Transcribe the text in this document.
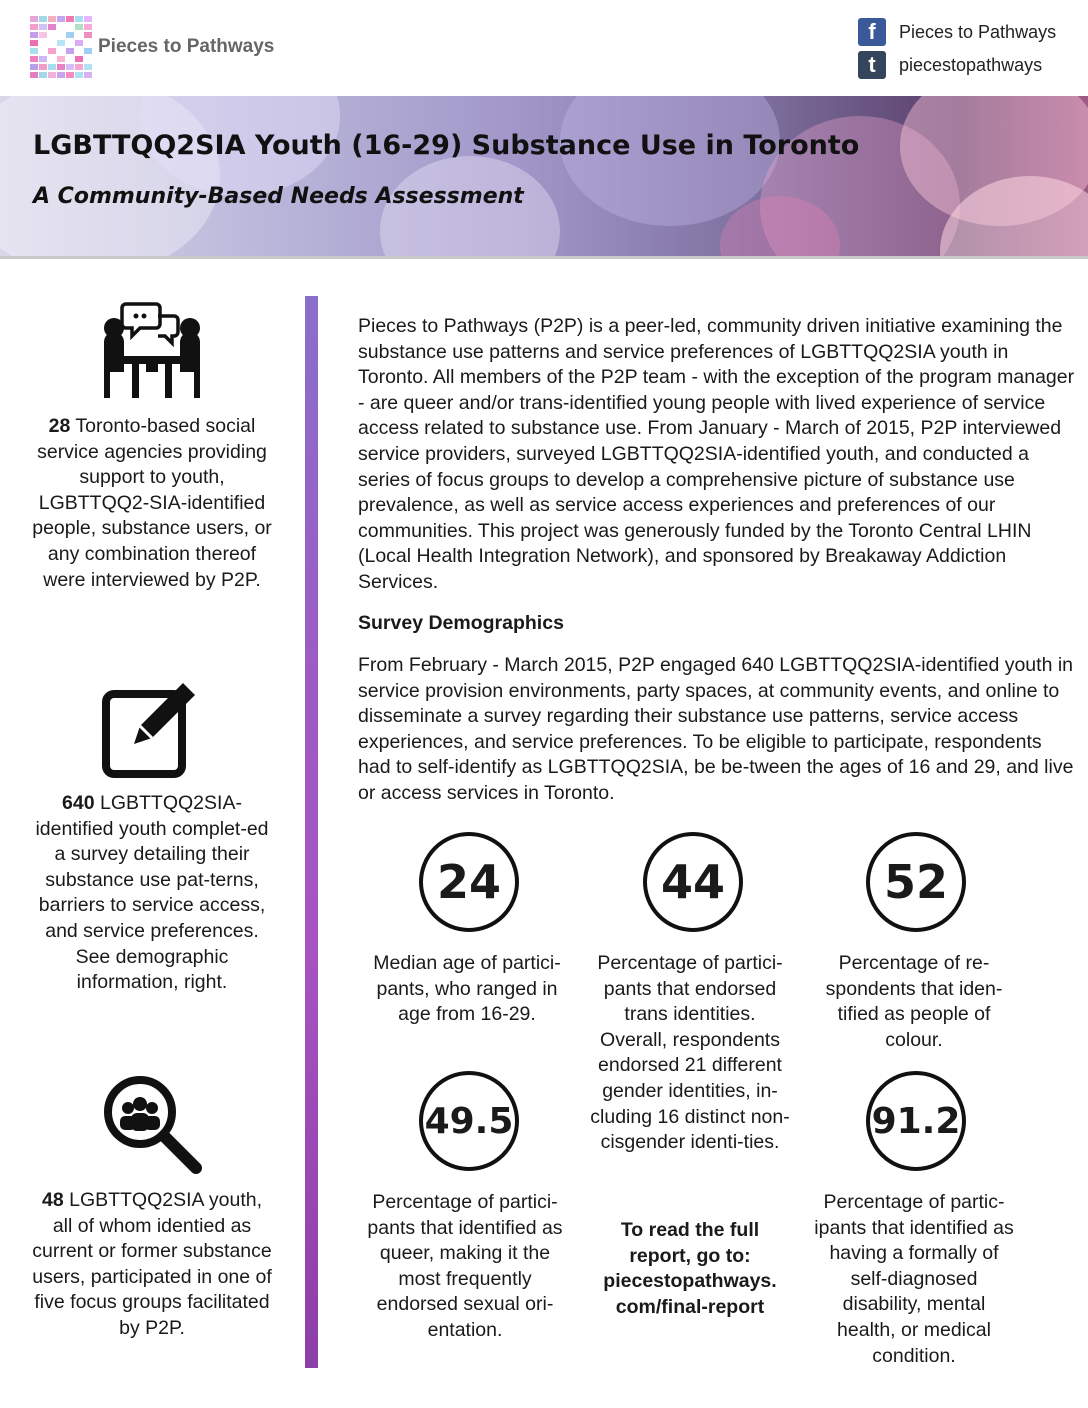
Pieces to Pathways
f	Pieces to Pathways
t	piecestopathways
LGBTTQQ2SIA Youth (16-29) Substance Use in Toronto
A Community-Based Needs Assessment
28 Toronto-based social service agencies providing support to youth, LGBTTQQ2-SIA-identified people, substance users, or any combination thereof were interviewed by P2P.
640 LGBTTQQ2SIA-identified youth complet-ed a survey detailing their substance use pat-terns, barriers to service access, and service preferences. See demographic information, right.
48 LGBTTQQ2SIA youth, all of whom identied as current or former substance users, participated in one of five focus groups facilitated by P2P.
Pieces to Pathways (P2P) is a peer-led, community driven initiative examining the substance use patterns and service preferences of LGBTTQQ2SIA youth in Toronto. All members of the P2P team - with the exception of the program manager - are queer and/or trans-identified young people with lived experience of service access related to substance use. From January - March of 2015, P2P interviewed service providers, surveyed LGBTTQQ2SIA-identified youth, and conducted a series of focus groups to develop a comprehensive picture of substance use prevalence, as well as service access experiences and preferences of our communities. This project was generously funded by the Toronto Central LHIN (Local Health Integration Network), and sponsored by Breakaway Addiction Services.
Survey Demographics
From February - March 2015, P2P engaged 640 LGBTTQQ2SIA-identified youth in service provision environments, party spaces, at community events, and online to disseminate a survey regarding their substance use patterns, service access experiences, and service preferences. To be eligible to participate, respondents had to self-identify as LGBTTQQ2SIA, be be-tween the ages of 16 and 29, and live or access services in Toronto.
24
Median age of partici-pants, who ranged in age from 16-29.
44
Percentage of partici-pants that endorsed trans identities. Overall, respondents endorsed 21 different gender identities, in-cluding 16 distinct non-cisgender identi-ties.
52
Percentage of re-spondents that iden-tified as people of colour.
49.5
Percentage of partici-pants that identified as queer, making it the most frequently endorsed sexual ori-entation.
91.2
Percentage of partic-ipants that identified as having a formally of self-diagnosed disability, mental health, or medical condition.
To read the full report, go to:
piecestopathways. com/final-report
